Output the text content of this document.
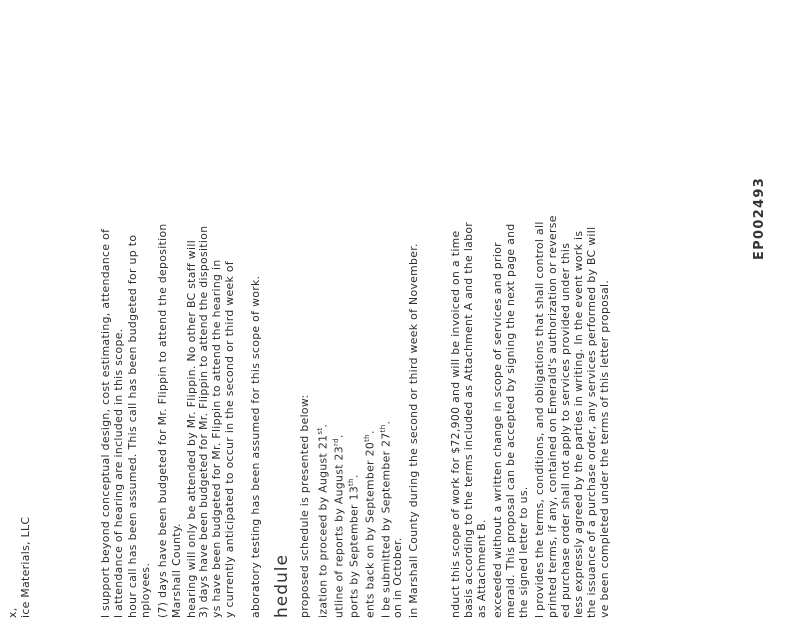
x, ice Materials, LLC	l support beyond conceptual design, cost estimating, attendance of l attendance of hearing are included in this scope. hour call has been assumed. This call has been budgeted for up to nployees. (7) days have been budgeted for Mr. Flippin to attend the deposition Marshall County. hearing will only be attended by Mr. Flippin. No other BC staff will 3) days have been budgeted for Mr. Flippin to attend the disposition ys have been budgeted for Mr. Flippin to attend the hearing in y currently anticipated to occur in the second or third week of aboratory testing has been assumed for this scope of work. hedule proposed schedule is presented below: ization to proceed by August 21st.
utline of reports by August 23rd.
ports by September 13th. ents back on by September 20th.
l be submitted by September 27th.
on in October. in Marshall County during the second or third week of November.	nduct this scope of work for $72,900 and will be invoiced on a time basis according to the terms included as Attachment A and the labor as Attachment B. exceeded without a written change in scope of services and prior merald. This proposal can be accepted by signing the next page and the signed letter to us. l provides the terms, conditions, and obligations that shall control all printed terms, if any, contained on Emerald's authorization or reverse ed purchase order shall not apply to services provided under this less expressly agreed by the parties in writing. In the event work is the issuance of a purchase order, any services performed by BC will ve been completed under the terms of this letter proposal.
EP002493
